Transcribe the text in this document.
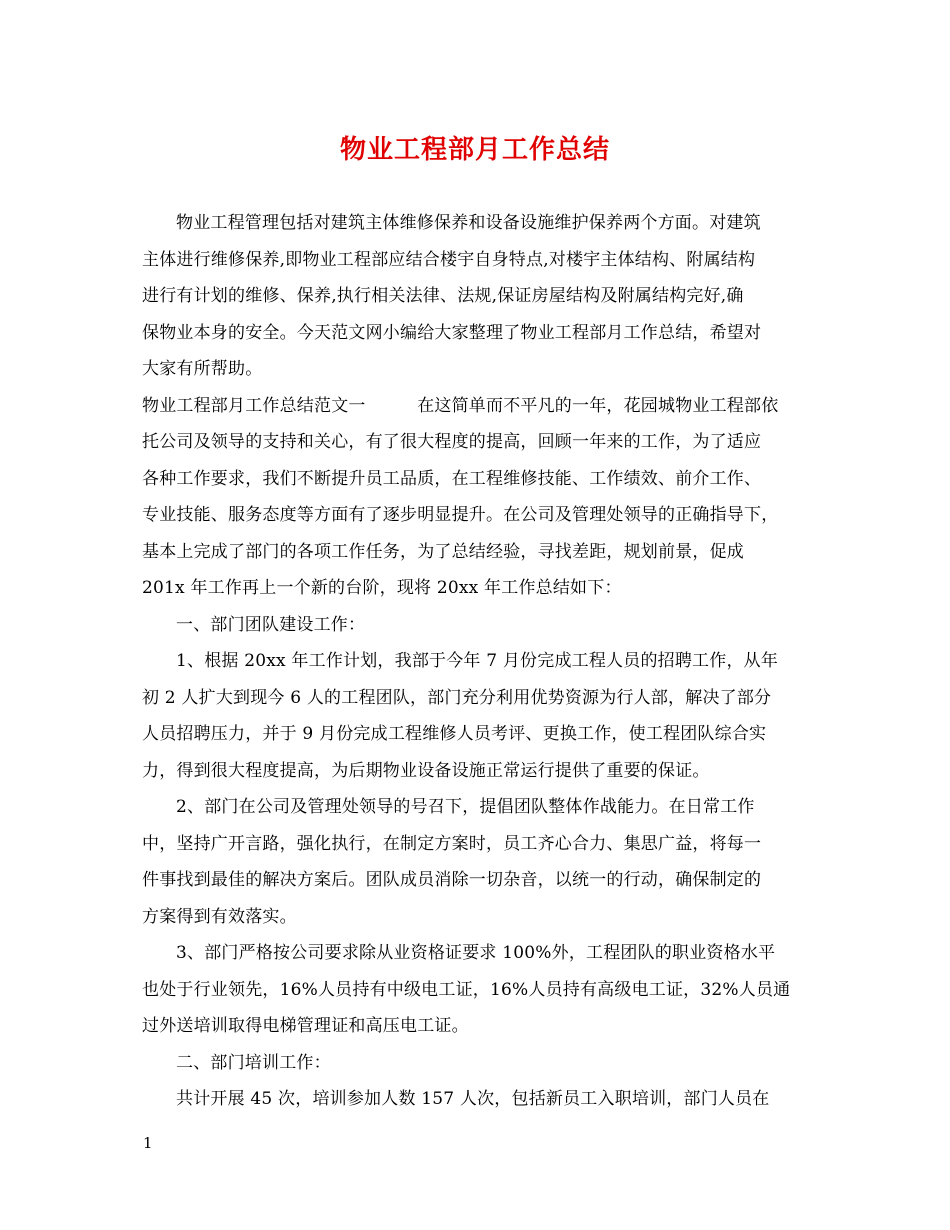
物业工程部月工作总结
物业工程管理包括对建筑主体维修保养和设备设施维护保养两个方面。对建筑
主体进行维修保养,即物业工程部应结合楼宇自身特点,对楼宇主体结构、附属结构
进行有计划的维修、保养,执行相关法律、法规,保证房屋结构及附属结构完好,确
保物业本身的安全。今天范文网小编给大家整理了物业工程部月工作总结，希望对
大家有所帮助。
物业工程部月工作总结范文一　　　在这简单而不平凡的一年，花园城物业工程部依
托公司及领导的支持和关心，有了很大程度的提高，回顾一年来的工作，为了适应
各种工作要求，我们不断提升员工品质，在工程维修技能、工作绩效、前介工作、
专业技能、服务态度等方面有了逐步明显提升。在公司及管理处领导的正确指导下，
基本上完成了部门的各项工作任务，为了总结经验，寻找差距，规划前景，促成
201x 年工作再上一个新的台阶，现将 20xx 年工作总结如下：
一、部门团队建设工作：
1、根据 20xx 年工作计划，我部于今年 7 月份完成工程人员的招聘工作，从年
初 2 人扩大到现今 6 人的工程团队，部门充分利用优势资源为行人部，解决了部分
人员招聘压力，并于 9 月份完成工程维修人员考评、更换工作，使工程团队综合实
力，得到很大程度提高，为后期物业设备设施正常运行提供了重要的保证。
2、部门在公司及管理处领导的号召下，提倡团队整体作战能力。在日常工作
中，坚持广开言路，强化执行，在制定方案时，员工齐心合力、集思广益，将每一
件事找到最佳的解决方案后。团队成员消除一切杂音，以统一的行动，确保制定的
方案得到有效落实。
3、部门严格按公司要求除从业资格证要求 100%外，工程团队的职业资格水平
也处于行业领先，16%人员持有中级电工证，16%人员持有高级电工证，32%人员通
过外送培训取得电梯管理证和高压电工证。
二、部门培训工作：
共计开展 45 次，培训参加人数 157 人次，包括新员工入职培训，部门人员在
1
